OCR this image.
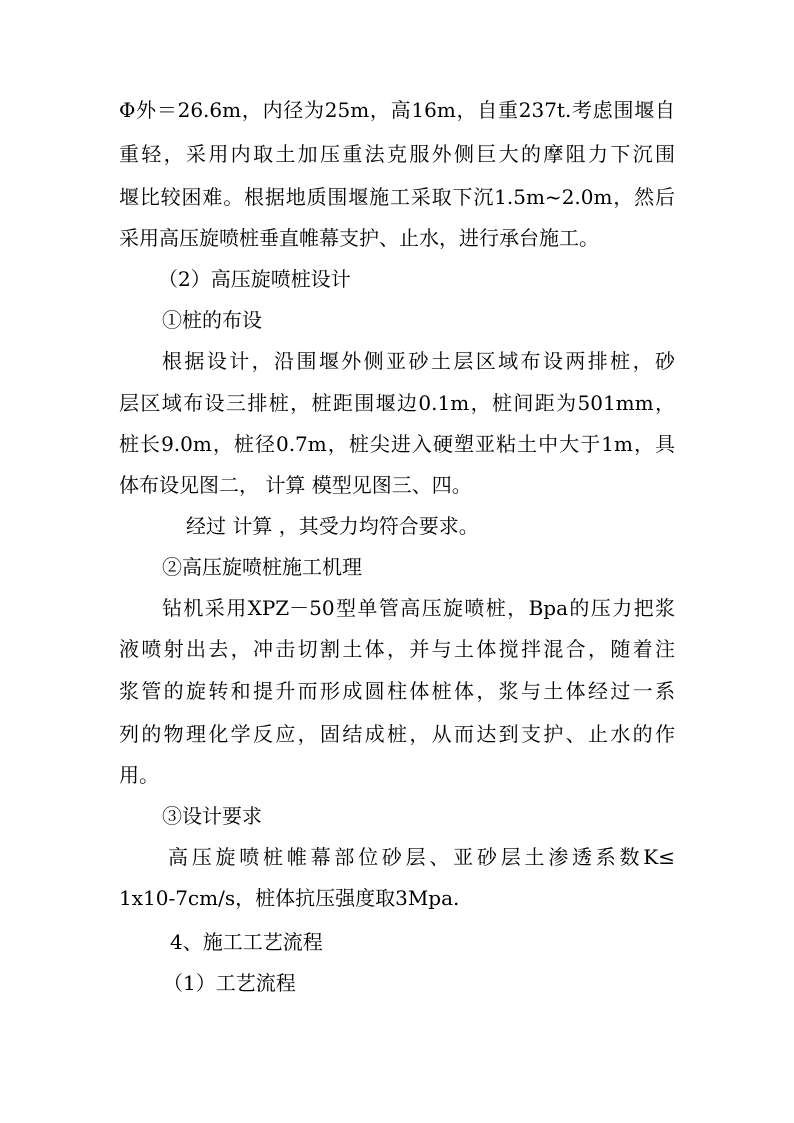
Φ外＝26.6m，内径为25m，高16m，自重237t.考虑围堰自
重轻，采用内取土加压重法克服外侧巨大的摩阻力下沉围
堰比较困难。根据地质围堰施工采取下沉1.5m~2.0m，然后
采用高压旋喷桩垂直帷幕支护、止水，进行承台施工。
（2）高压旋喷桩设计
①桩的布设
根据设计，沿围堰外侧亚砂土层区域布设两排桩，砂
层区域布设三排桩，桩距围堰边0.1m，桩间距为501mm，
桩长9.0m，桩径0.7m，桩尖进入硬塑亚粘土中大于1m，具
体布设见图二， 计算 模型见图三、四。
经过 计算 ，其受力均符合要求。
②高压旋喷桩施工机理
钻机采用XPZ－50型单管高压旋喷桩，Bpa的压力把浆
液喷射出去，冲击切割土体，并与土体搅拌混合，随着注
浆管的旋转和提升而形成圆柱体桩体，浆与土体经过一系
列的物理化学反应，固结成桩，从而达到支护、止水的作
用。
③设计要求
高压旋喷桩帷幕部位砂层、亚砂层土渗透系数K≤
1x10-7cm/s，桩体抗压强度取3Mpa.
4、施工工艺流程
（1）工艺流程
